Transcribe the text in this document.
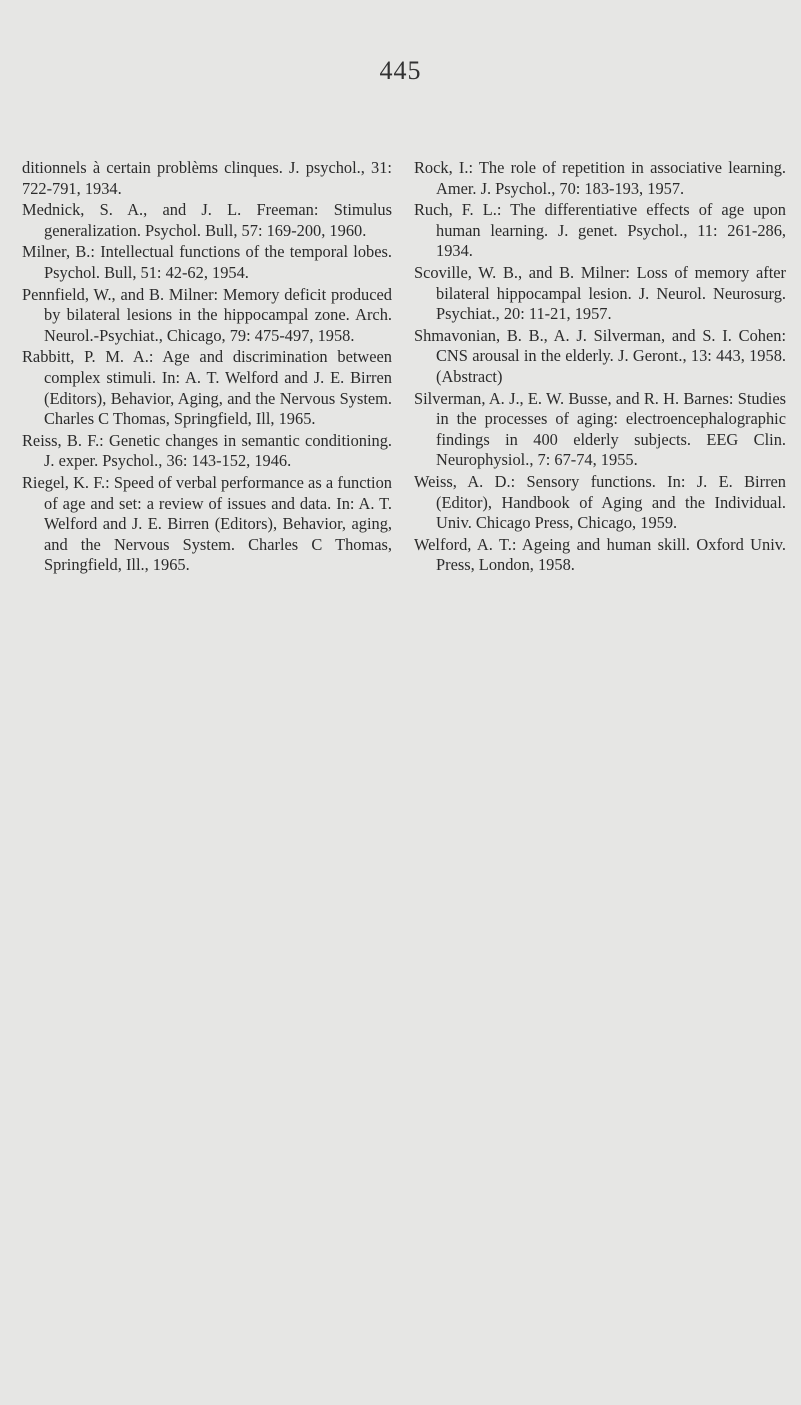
445

ditionnels à certain problèms clinques. J. psychol., 31: 722-791, 1934.

Mednick, S. A., and J. L. Freeman: Stimulus generalization. Psychol. Bull, 57: 169-200, 1960.

Milner, B.: Intellectual functions of the temporal lobes. Psychol. Bull, 51: 42-62, 1954.

Pennfield, W., and B. Milner: Memory deficit produced by bilateral lesions in the hippocampal zone. Arch. Neurol.-Psychiat., Chicago, 79: 475-497, 1958.

Rabbitt, P. M. A.: Age and discrimination between complex stimuli. In: A. T. Welford and J. E. Birren (Editors), Behavior, Aging, and the Nervous System. Charles C Thomas, Springfield, Ill, 1965.

Reiss, B. F.: Genetic changes in semantic conditioning. J. exper. Psychol., 36: 143-152, 1946.

Riegel, K. F.: Speed of verbal performance as a function of age and set: a review of issues and data. In: A. T. Welford and J. E. Birren (Editors), Behavior, aging, and the Nervous System. Charles C Thomas, Springfield, Ill., 1965.

Rock, I.: The role of repetition in associative learning. Amer. J. Psychol., 70: 183-193, 1957.

Ruch, F. L.: The differentiative effects of age upon human learning. J. genet. Psychol., 11: 261-286, 1934.

Scoville, W. B., and B. Milner: Loss of memory after bilateral hippocampal lesion. J. Neurol. Neurosurg. Psychiat., 20: 11-21, 1957.

Shmavonian, B. B., A. J. Silverman, and S. I. Cohen: CNS arousal in the elderly. J. Geront., 13: 443, 1958. (Abstract)

Silverman, A. J., E. W. Busse, and R. H. Barnes: Studies in the processes of aging: electroencephalographic findings in 400 elderly subjects. EEG Clin. Neurophysiol., 7: 67-74, 1955.

Weiss, A. D.: Sensory functions. In: J. E. Birren (Editor), Handbook of Aging and the Individual. Univ. Chicago Press, Chicago, 1959.

Welford, A. T.: Ageing and human skill. Oxford Univ. Press, London, 1958.
